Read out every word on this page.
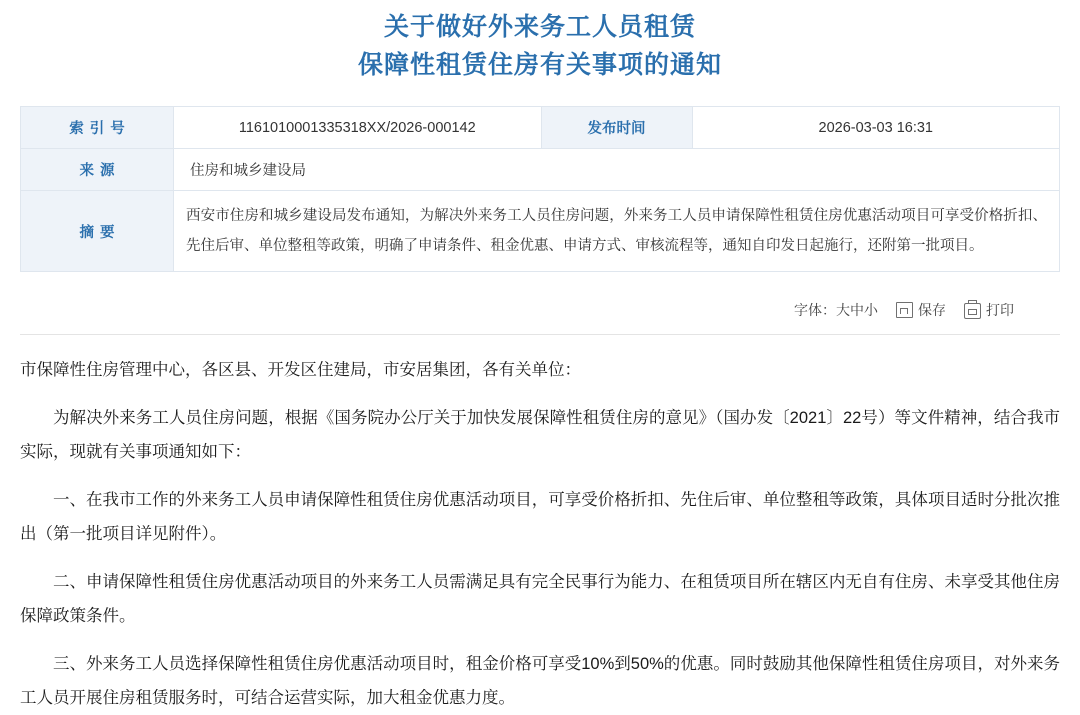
关于做好外来务工人员租赁
保障性租赁住房有关事项的通知
索引号	1161010001335318XX/2026-000142	发布时间	2026-03-03 16:31
来源	住房和城乡建设局		
摘要	西安市住房和城乡建设局发布通知，为解决外来务工人员住房问题，外来务工人员申请保障性租赁住房优惠活动项目可享受价格折扣、先住后审、单位整租等政策，明确了申请条件、租金优惠、申请方式、审核流程等，通知自印发日起施行，还附第一批项目。		
字体：大中小	保存	打印

市保障性住房管理中心，各区县、开发区住建局，市安居集团，各有关单位：

为解决外来务工人员住房问题，根据《国务院办公厅关于加快发展保障性租赁住房的意见》（国办发〔2021〕22号）等文件精神，结合我市实际，现就有关事项通知如下：

一、在我市工作的外来务工人员申请保障性租赁住房优惠活动项目，可享受价格折扣、先住后审、单位整租等政策，具体项目适时分批次推出（第一批项目详见附件）。

二、申请保障性租赁住房优惠活动项目的外来务工人员需满足具有完全民事行为能力、在租赁项目所在辖区内无自有住房、未享受其他住房保障政策条件。

三、外来务工人员选择保障性租赁住房优惠活动项目时，租金价格可享受10%到50%的优惠。同时鼓励其他保障性租赁住房项目，对外来务工人员开展住房租赁服务时，可结合运营实际，加大租金优惠力度。
